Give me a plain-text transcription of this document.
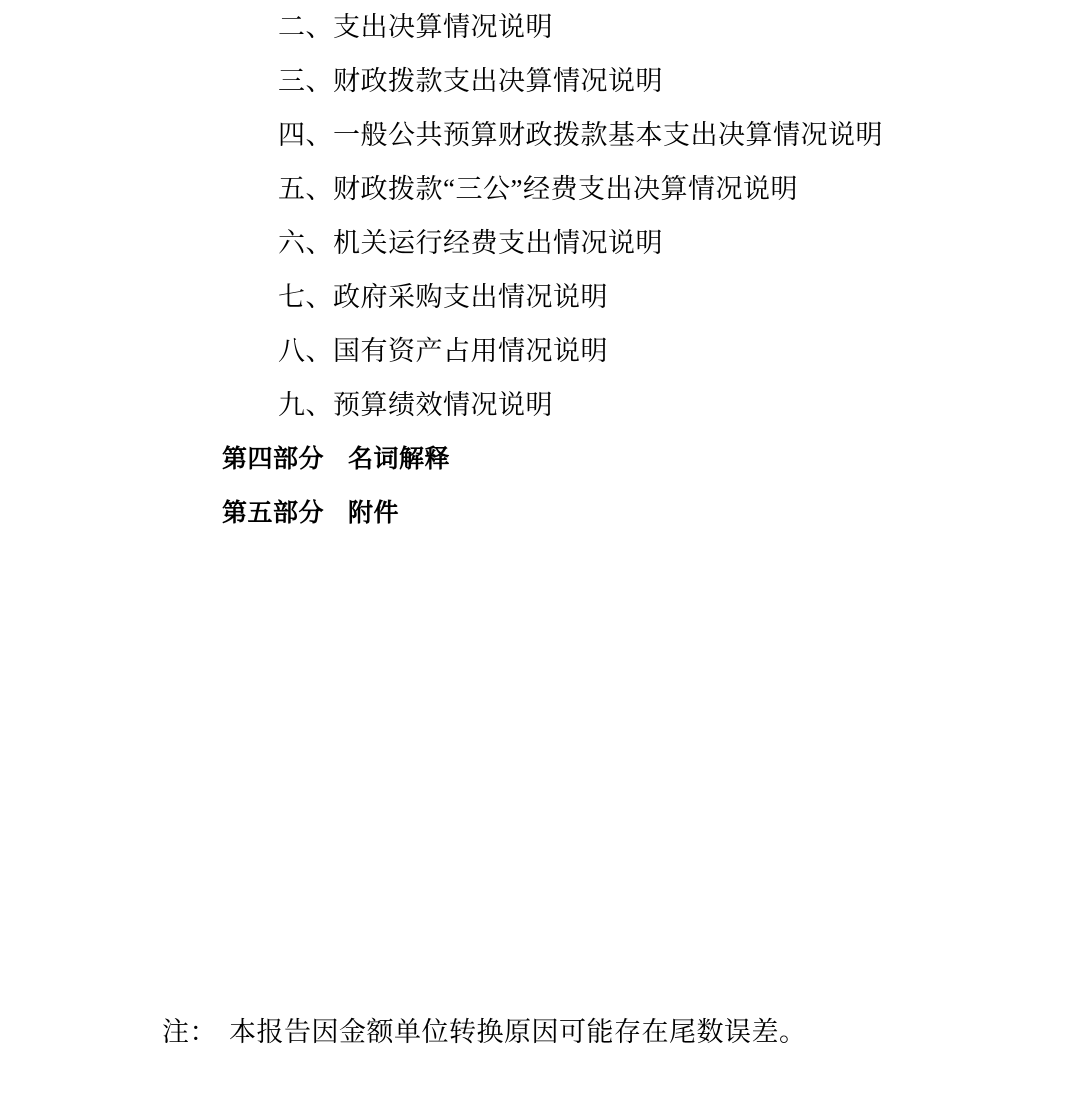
二、支出决算情况说明
三、财政拨款支出决算情况说明
四、一般公共预算财政拨款基本支出决算情况说明
五、财政拨款“三公”经费支出决算情况说明
六、机关运行经费支出情况说明
七、政府采购支出情况说明
八、国有资产占用情况说明
九、预算绩效情况说明
第四部分 名词解释
第五部分 附件
注： 本报告因金额单位转换原因可能存在尾数误差。
